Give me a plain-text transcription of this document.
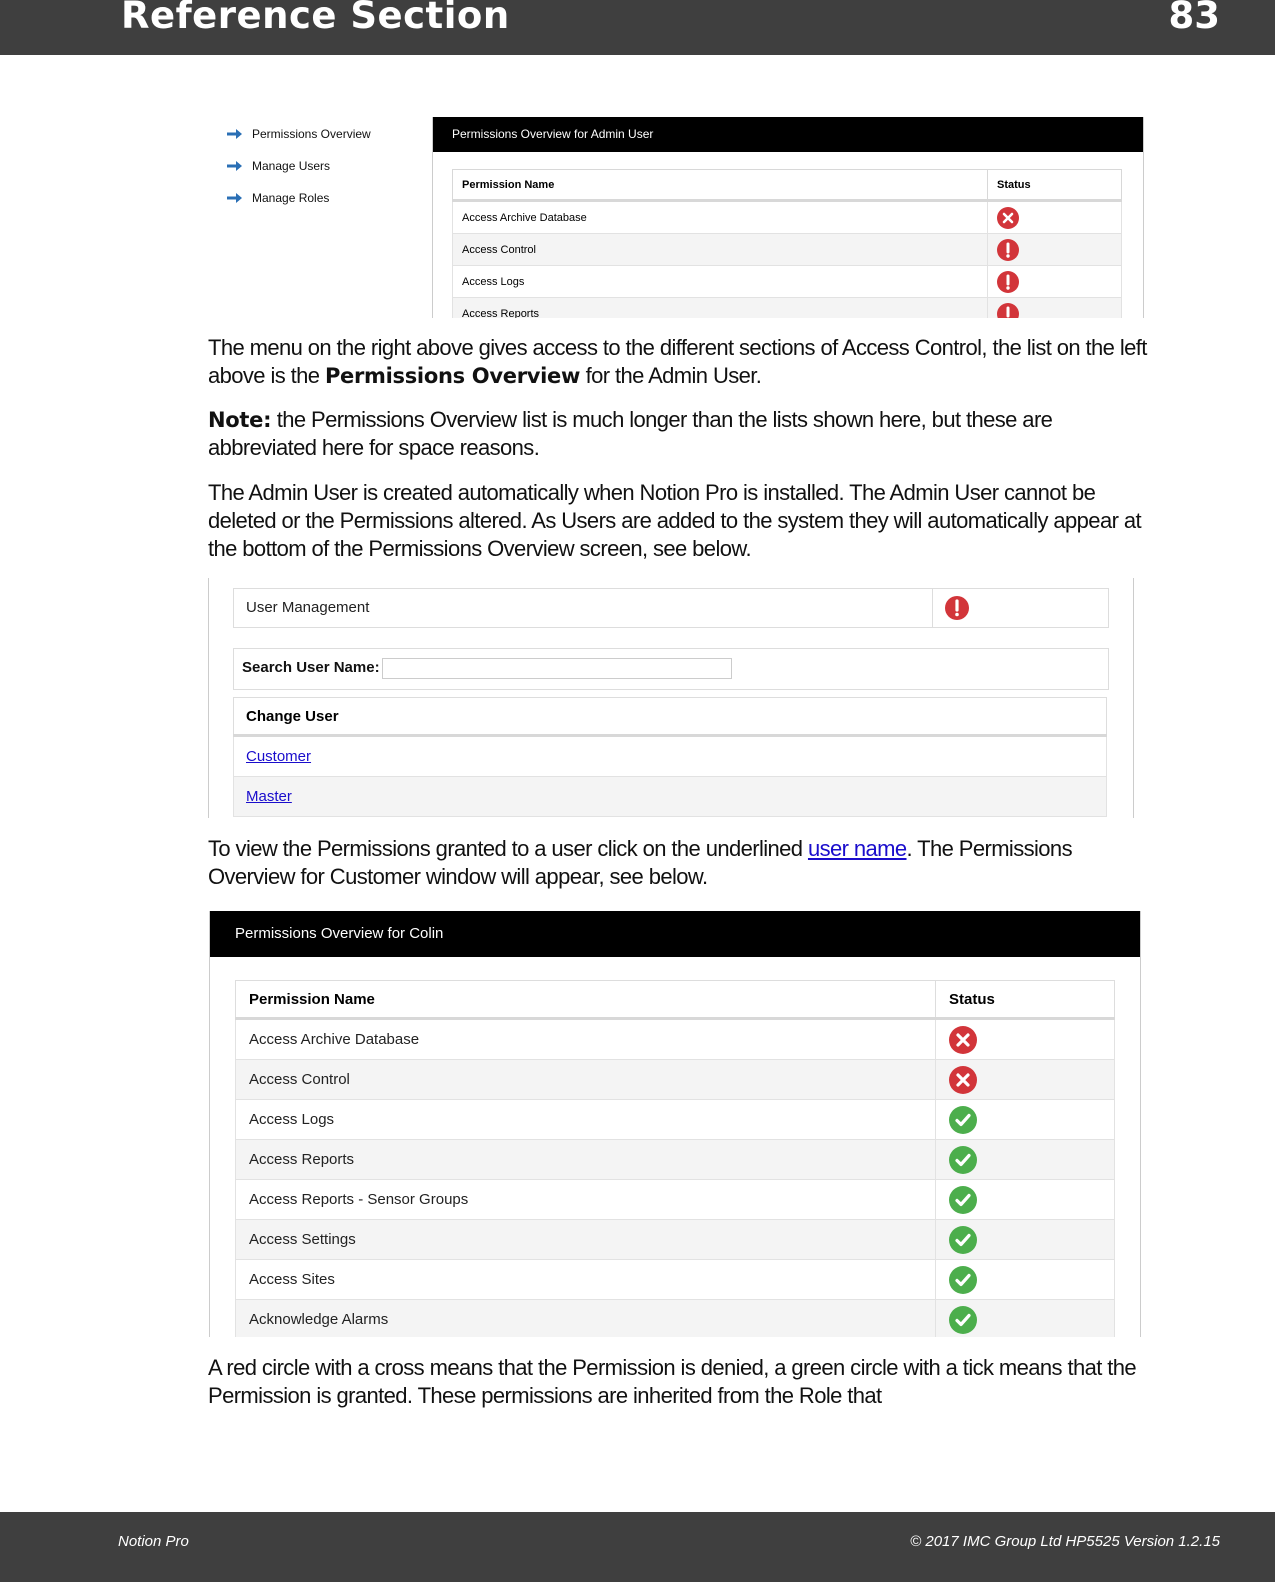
Reference Section	83
Permissions Overview
Manage Users
Manage Roles
Permissions Overview for Admin User
Permission Name	Status
Access Archive Database	

Access Control	

Access Logs	

Access Reports	
The menu on the right above gives access to the different sections of Access Control, the list on the left above is the Permissions Overview for the Admin User.
Note: the Permissions Overview list is much longer than the lists shown here, but these are abbreviated here for space reasons.
The Admin User is created automatically when Notion Pro is installed. The Admin User cannot be deleted or the Permissions altered. As Users are added to the system they will automatically appear at the bottom of the Permissions Overview screen, see below.
User Management
Search User Name:
Change User
Customer
Master
To view the Permissions granted to a user click on the underlined user name. The Permissions Overview for Customer window will appear, see below.
Permissions Overview for Colin
Permission Name	Status
Access Archive Database	

Access Control	

Access Logs	

Access Reports	

Access Reports - Sensor Groups	

Access Settings	

Access Sites	

Acknowledge Alarms	
A red circle with a cross means that the Permission is denied, a green circle with a tick means that the Permission is granted. These permissions are inherited from the Role that
Notion Pro	© 2017 IMC Group Ltd HP5525 Version 1.2.15
